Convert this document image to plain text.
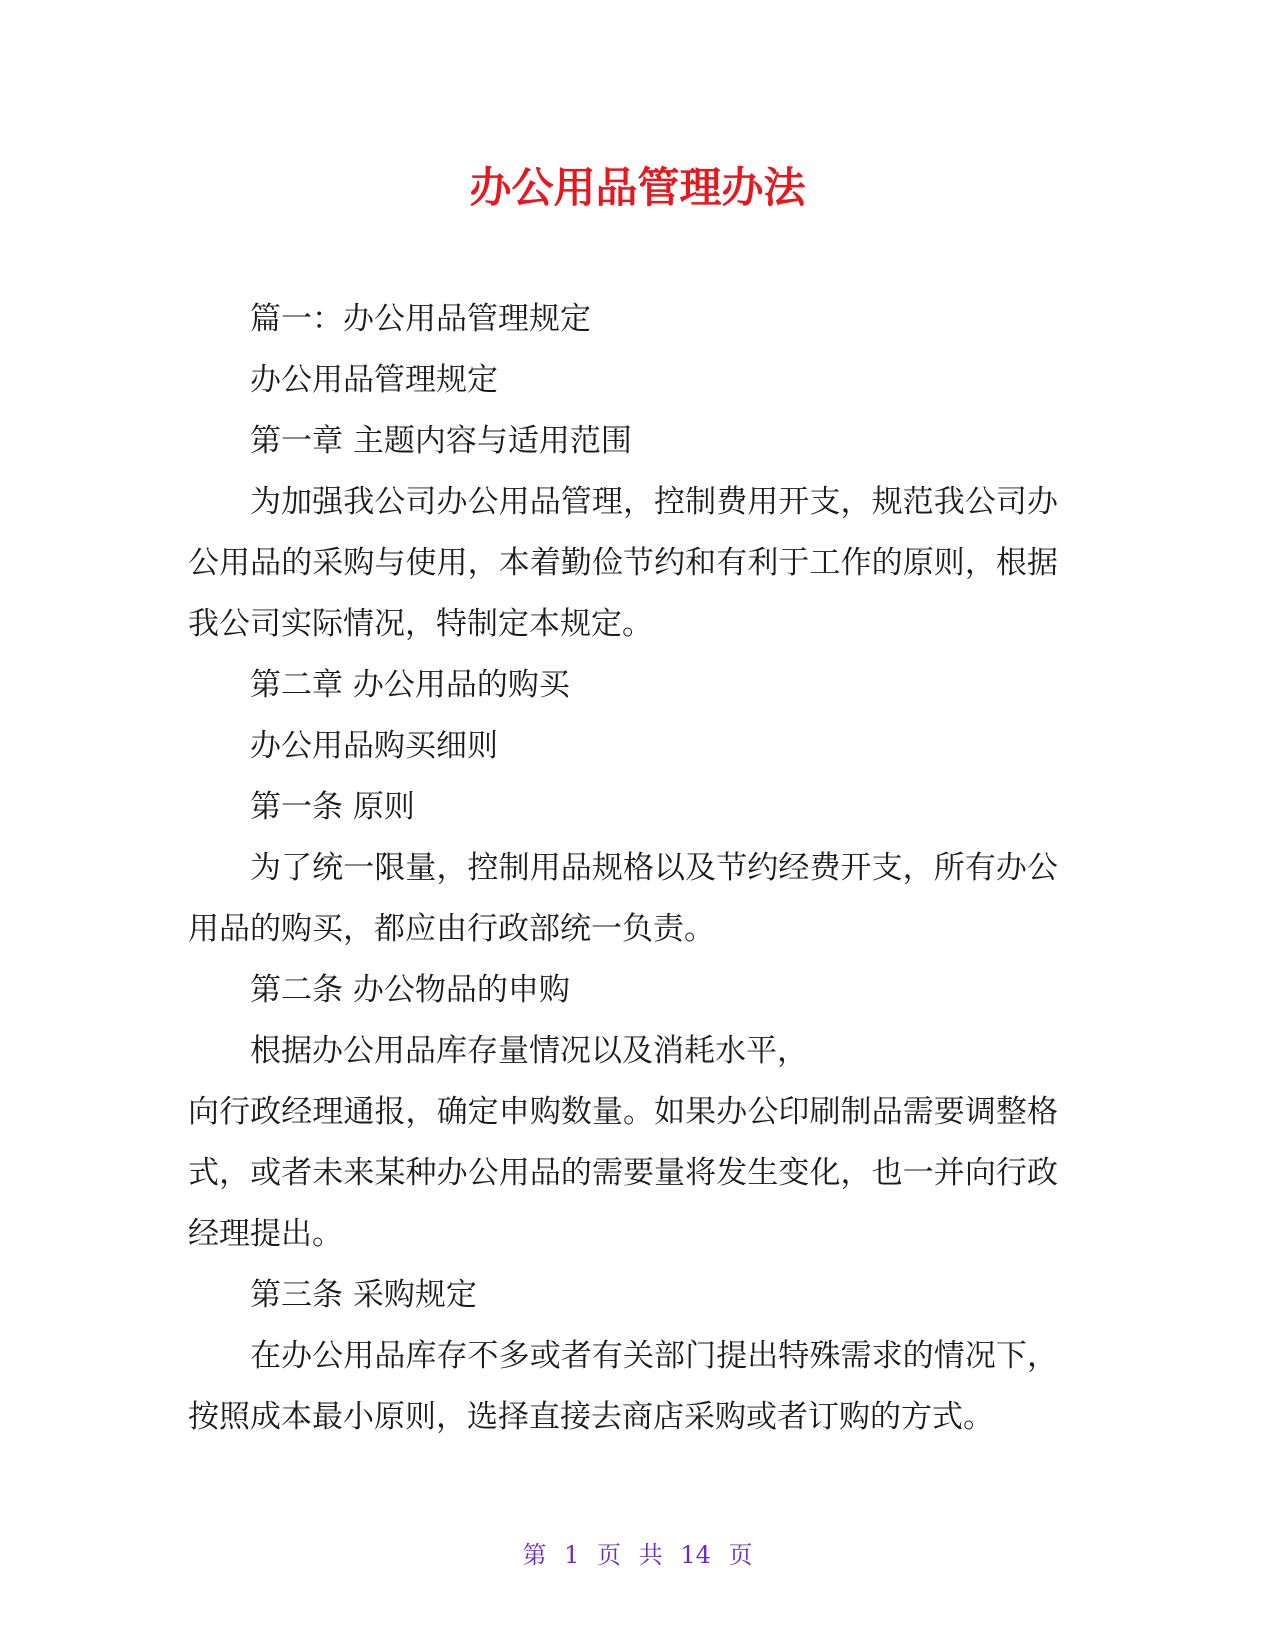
办公用品管理办法

篇一：办公用品管理规定

办公用品管理规定

第一章 主题内容与适用范围

为加强我公司办公用品管理，控制费用开支，规范我公司办公用品的采购与使用，本着勤俭节约和有利于工作的原则，根据我公司实际情况，特制定本规定。

第二章 办公用品的购买

办公用品购买细则

第一条 原则

为了统一限量，控制用品规格以及节约经费开支，所有办公用品的购买，都应由行政部统一负责。

第二条 办公物品的申购

根据办公用品库存量情况以及消耗水平，

向行政经理通报，确定申购数量。如果办公印刷制品需要调整格式，或者未来某种办公用品的需要量将发生变化，也一并向行政经理提出。

第三条 采购规定

在办公用品库存不多或者有关部门提出特殊需求的情况下，按照成本最小原则，选择直接去商店采购或者订购的方式。

第 1 页 共 14 页
